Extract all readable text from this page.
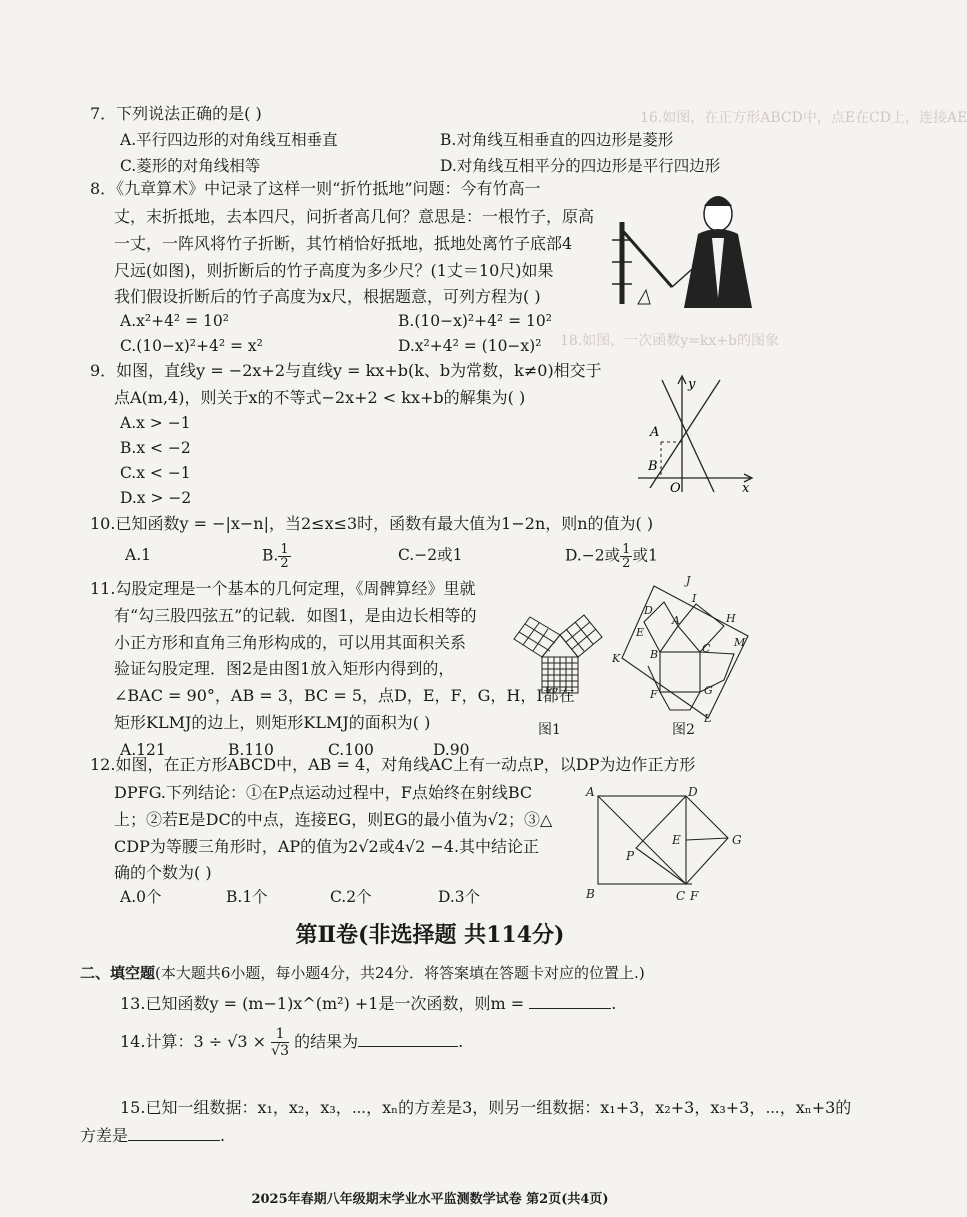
16.如图，在正方形ABCD中，点E在CD上，连接AE
18.如图，一次函数y=kx+b的图象
7．下列说法正确的是( )
A.平行四边形的对角线互相垂直	B.对角线互相垂直的四边形是菱形
C.菱形的对角线相等	D.对角线互相平分的四边形是平行四边形
8．《九章算术》中记录了这样一则“折竹抵地”问题：今有竹高一
丈，末折抵地，去本四尺，问折者高几何？意思是：一根竹子，原高
一丈，一阵风将竹子折断，其竹梢恰好抵地，抵地处离竹子底部4
尺远(如图)，则折断后的竹子高度为多少尺？(1丈＝10尺)如果
我们假设折断后的竹子高度为x尺，根据题意，可列方程为( )
A.x²+4² = 10²	B.(10−x)²+4² = 10²
C.(10−x)²+4² = x²	D.x²+4² = (10−x)²
9．如图，直线y = −2x+2与直线y = kx+b(k、b为常数，k≠0)相交于
点A(m,4)，则关于x的不等式−2x+2 < kx+b的解集为( )
A.x > −1
B.x < −2
C.x < −1
D.x > −2
y
x
A
B
O
10.已知函数y = −|x−n|，当2≤x≤3时，函数有最大值为1−2n，则n的值为( )
A.1	B. $\frac{1}{2}$	C.−2或1	D.−2或 $\frac{1}{2}$ 或1
11.勾股定理是一个基本的几何定理，《周髀算经》里就
有“勾三股四弦五”的记载．如图1，是由边长相等的
小正方形和直角三角形构成的，可以用其面积关系
验证勾股定理．图2是由图1放入矩形内得到的，
∠BAC = 90°，AB = 3，BC = 5，点D，E，F，G，H，I都在
矩形KLMJ的边上，则矩形KLMJ的面积为( )
A.121	B.110	C.100	D.90
图1
J
D
I
H
A
E
C M
K	B
F	G
L
图2
12.如图，在正方形ABCD中，AB = 4，对角线AC上有一动点P，以DP为边作正方形
DPFG.下列结论：①在P点运动过程中，F点始终在射线BC
上；②若E是DC的中点，连接EG，则EG的最小值为√2；③△
CDP为等腰三角形时，AP的值为2√2或4√2 −4.其中结论正
确的个数为( )
A.0个	B.1个	C.2个	D.3个
A	D
E	G
P
B	C F
第Ⅱ卷(非选择题 共114分)
二、填空题(本大题共6小题，每小题4分，共24分．将答案填在答题卡对应的位置上.)
13.已知函数y = (m−1)x^(m²) +1是一次函数，则m =	.
14.计算：$3 \div √3 \times \frac{1}{√3}$ 的结果为	.
15.已知一组数据：x₁，x₂，x₃，⋯，xₙ的方差是3，则另一组数据：x₁+3，x₂+3，x₃+3，⋯，xₙ+3的
方差是	.
2025年春期八年级期末学业水平监测数学试卷 第2页(共4页)
